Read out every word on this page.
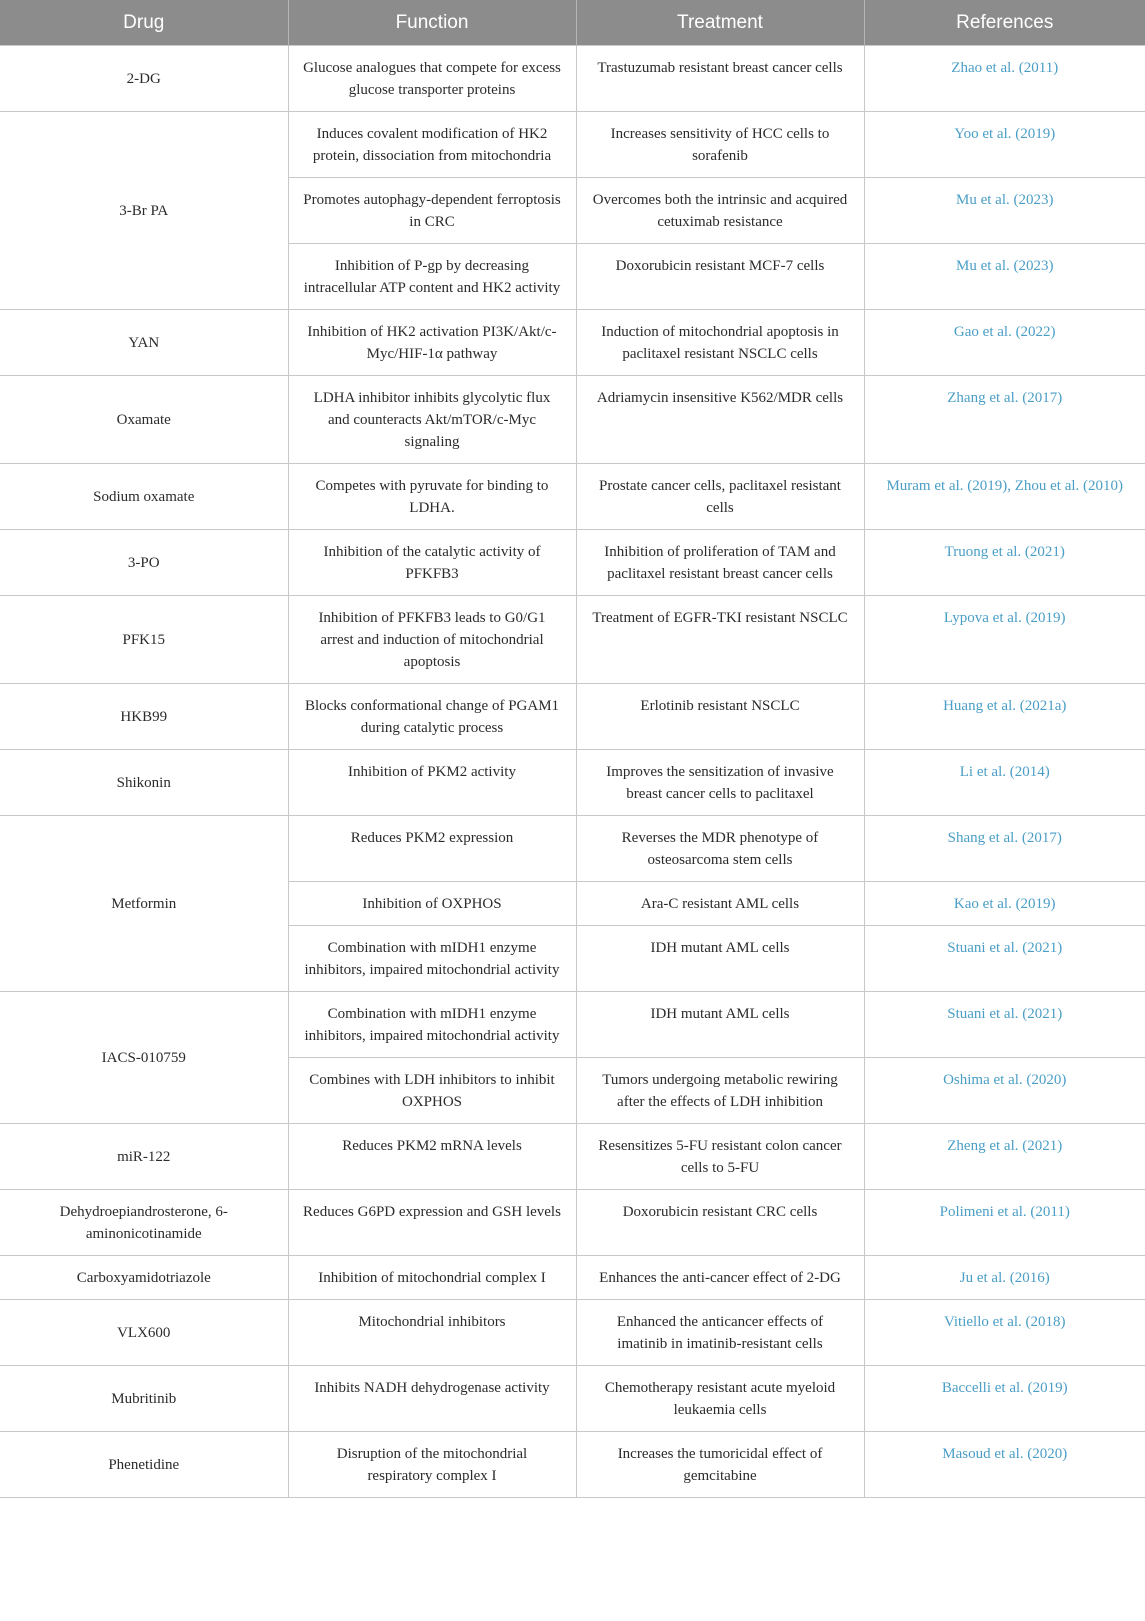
Drug	Function	Treatment	References
2-DG	Glucose analogues that compete for excess glucose transporter proteins	Trastuzumab resistant breast cancer cells	Zhao et al. (2011)
3-Br PA	Induces covalent modification of HK2 protein, dissociation from mitochondria	Increases sensitivity of HCC cells to sorafenib	Yoo et al. (2019)
	Promotes autophagy-dependent ferroptosis in CRC	Overcomes both the intrinsic and acquired cetuximab resistance	Mu et al. (2023)
	Inhibition of P-gp by decreasing intracellular ATP content and HK2 activity	Doxorubicin resistant MCF-7 cells	Mu et al. (2023)
YAN	Inhibition of HK2 activation PI3K/Akt/c-Myc/HIF-1α pathway	Induction of mitochondrial apoptosis in paclitaxel resistant NSCLC cells	Gao et al. (2022)
Oxamate	LDHA inhibitor inhibits glycolytic flux and counteracts Akt/mTOR/c-Myc signaling	Adriamycin insensitive K562/MDR cells	Zhang et al. (2017)
Sodium oxamate	Competes with pyruvate for binding to LDHA.	Prostate cancer cells, paclitaxel resistant cells	Muram et al. (2019), Zhou et al. (2010)
3-PO	Inhibition of the catalytic activity of PFKFB3	Inhibition of proliferation of TAM and paclitaxel resistant breast cancer cells	Truong et al. (2021)
PFK15	Inhibition of PFKFB3 leads to G0/G1 arrest and induction of mitochondrial apoptosis	Treatment of EGFR-TKI resistant NSCLC	Lypova et al. (2019)
HKB99	Blocks conformational change of PGAM1 during catalytic process	Erlotinib resistant NSCLC	Huang et al. (2021a)
Shikonin	Inhibition of PKM2 activity	Improves the sensitization of invasive breast cancer cells to paclitaxel	Li et al. (2014)
Metformin	Reduces PKM2 expression	Reverses the MDR phenotype of osteosarcoma stem cells	Shang et al. (2017)
	Inhibition of OXPHOS	Ara-C resistant AML cells	Kao et al. (2019)
	Combination with mIDH1 enzyme inhibitors, impaired mitochondrial activity	IDH mutant AML cells	Stuani et al. (2021)
IACS-010759	Combination with mIDH1 enzyme inhibitors, impaired mitochondrial activity	IDH mutant AML cells	Stuani et al. (2021)
	Combines with LDH inhibitors to inhibit OXPHOS	Tumors undergoing metabolic rewiring after the effects of LDH inhibition	Oshima et al. (2020)
miR-122	Reduces PKM2 mRNA levels	Resensitizes 5-FU resistant colon cancer cells to 5-FU	Zheng et al. (2021)
Dehydroepiandrosterone, 6-aminonicotinamide	Reduces G6PD expression and GSH levels	Doxorubicin resistant CRC cells	Polimeni et al. (2011)
Carboxyamidotriazole	Inhibition of mitochondrial complex I	Enhances the anti-cancer effect of 2-DG	Ju et al. (2016)
VLX600	Mitochondrial inhibitors	Enhanced the anticancer effects of imatinib in imatinib-resistant cells	Vitiello et al. (2018)
Mubritinib	Inhibits NADH dehydrogenase activity	Chemotherapy resistant acute myeloid leukaemia cells	Baccelli et al. (2019)
Phenetidine	Disruption of the mitochondrial respiratory complex I	Increases the tumoricidal effect of gemcitabine	Masoud et al. (2020)
